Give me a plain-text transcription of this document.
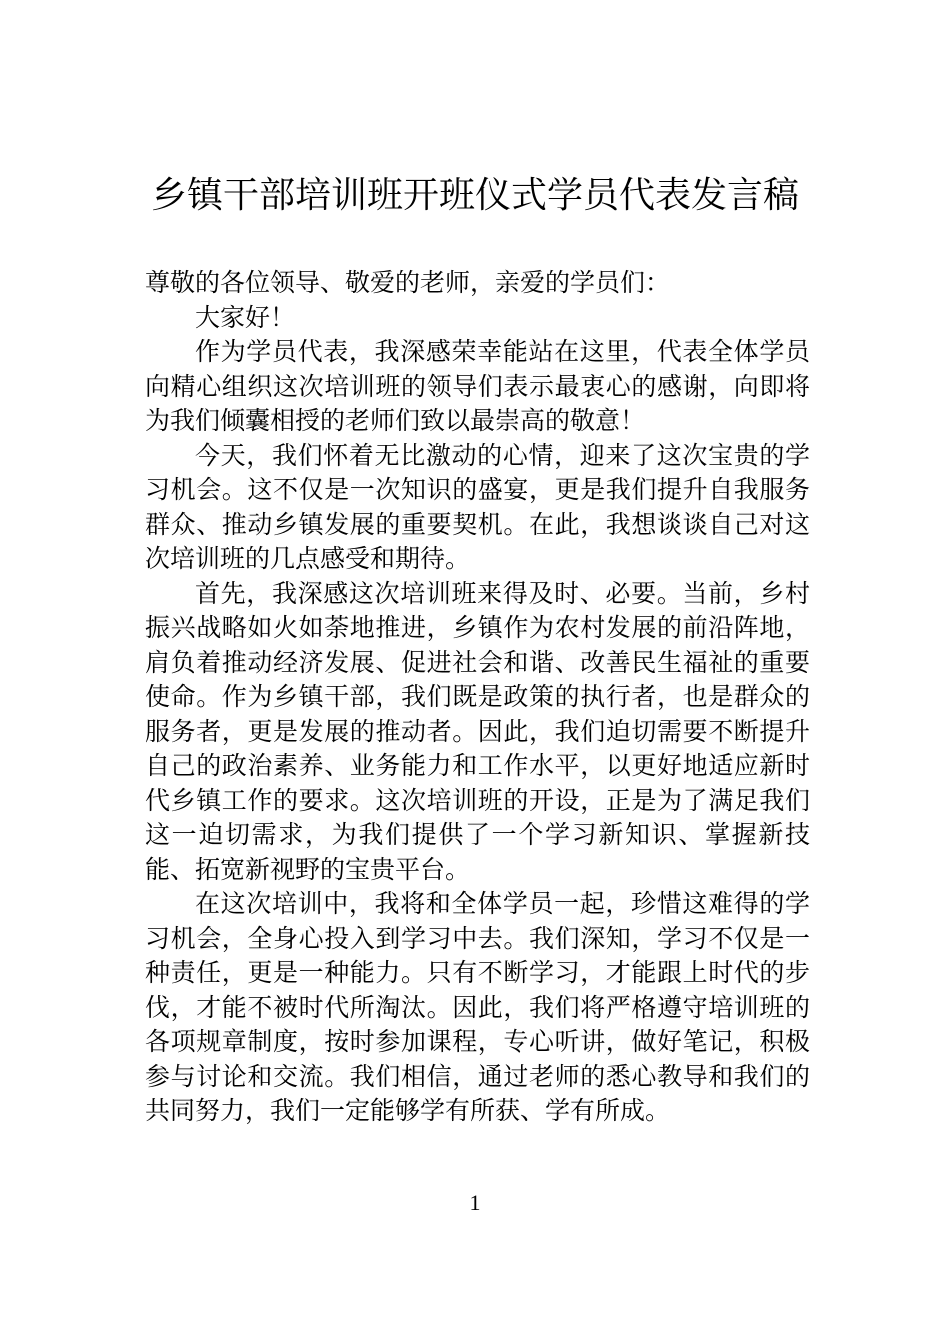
乡镇干部培训班开班仪式学员代表发言稿

尊敬的各位领导、敬爱的老师，亲爱的学员们：

大家好！

作为学员代表，我深感荣幸能站在这里，代表全体学员向精心组织这次培训班的领导们表示最衷心的感谢，向即将为我们倾囊相授的老师们致以最崇高的敬意！

今天，我们怀着无比激动的心情，迎来了这次宝贵的学习机会。这不仅是一次知识的盛宴，更是我们提升自我服务群众、推动乡镇发展的重要契机。在此，我想谈谈自己对这次培训班的几点感受和期待。

首先，我深感这次培训班来得及时、必要。当前，乡村振兴战略如火如荼地推进，乡镇作为农村发展的前沿阵地，肩负着推动经济发展、促进社会和谐、改善民生福祉的重要使命。作为乡镇干部，我们既是政策的执行者，也是群众的服务者，更是发展的推动者。因此，我们迫切需要不断提升自己的政治素养、业务能力和工作水平，以更好地适应新时代乡镇工作的要求。这次培训班的开设，正是为了满足我们这一迫切需求，为我们提供了一个学习新知识、掌握新技能、拓宽新视野的宝贵平台。

在这次培训中，我将和全体学员一起，珍惜这难得的学习机会，全身心投入到学习中去。我们深知，学习不仅是一种责任，更是一种能力。只有不断学习，才能跟上时代的步伐，才能不被时代所淘汰。因此，我们将严格遵守培训班的各项规章制度，按时参加课程，专心听讲，做好笔记，积极参与讨论和交流。我们相信，通过老师的悉心教导和我们的共同努力，我们一定能够学有所获、学有所成。

1
